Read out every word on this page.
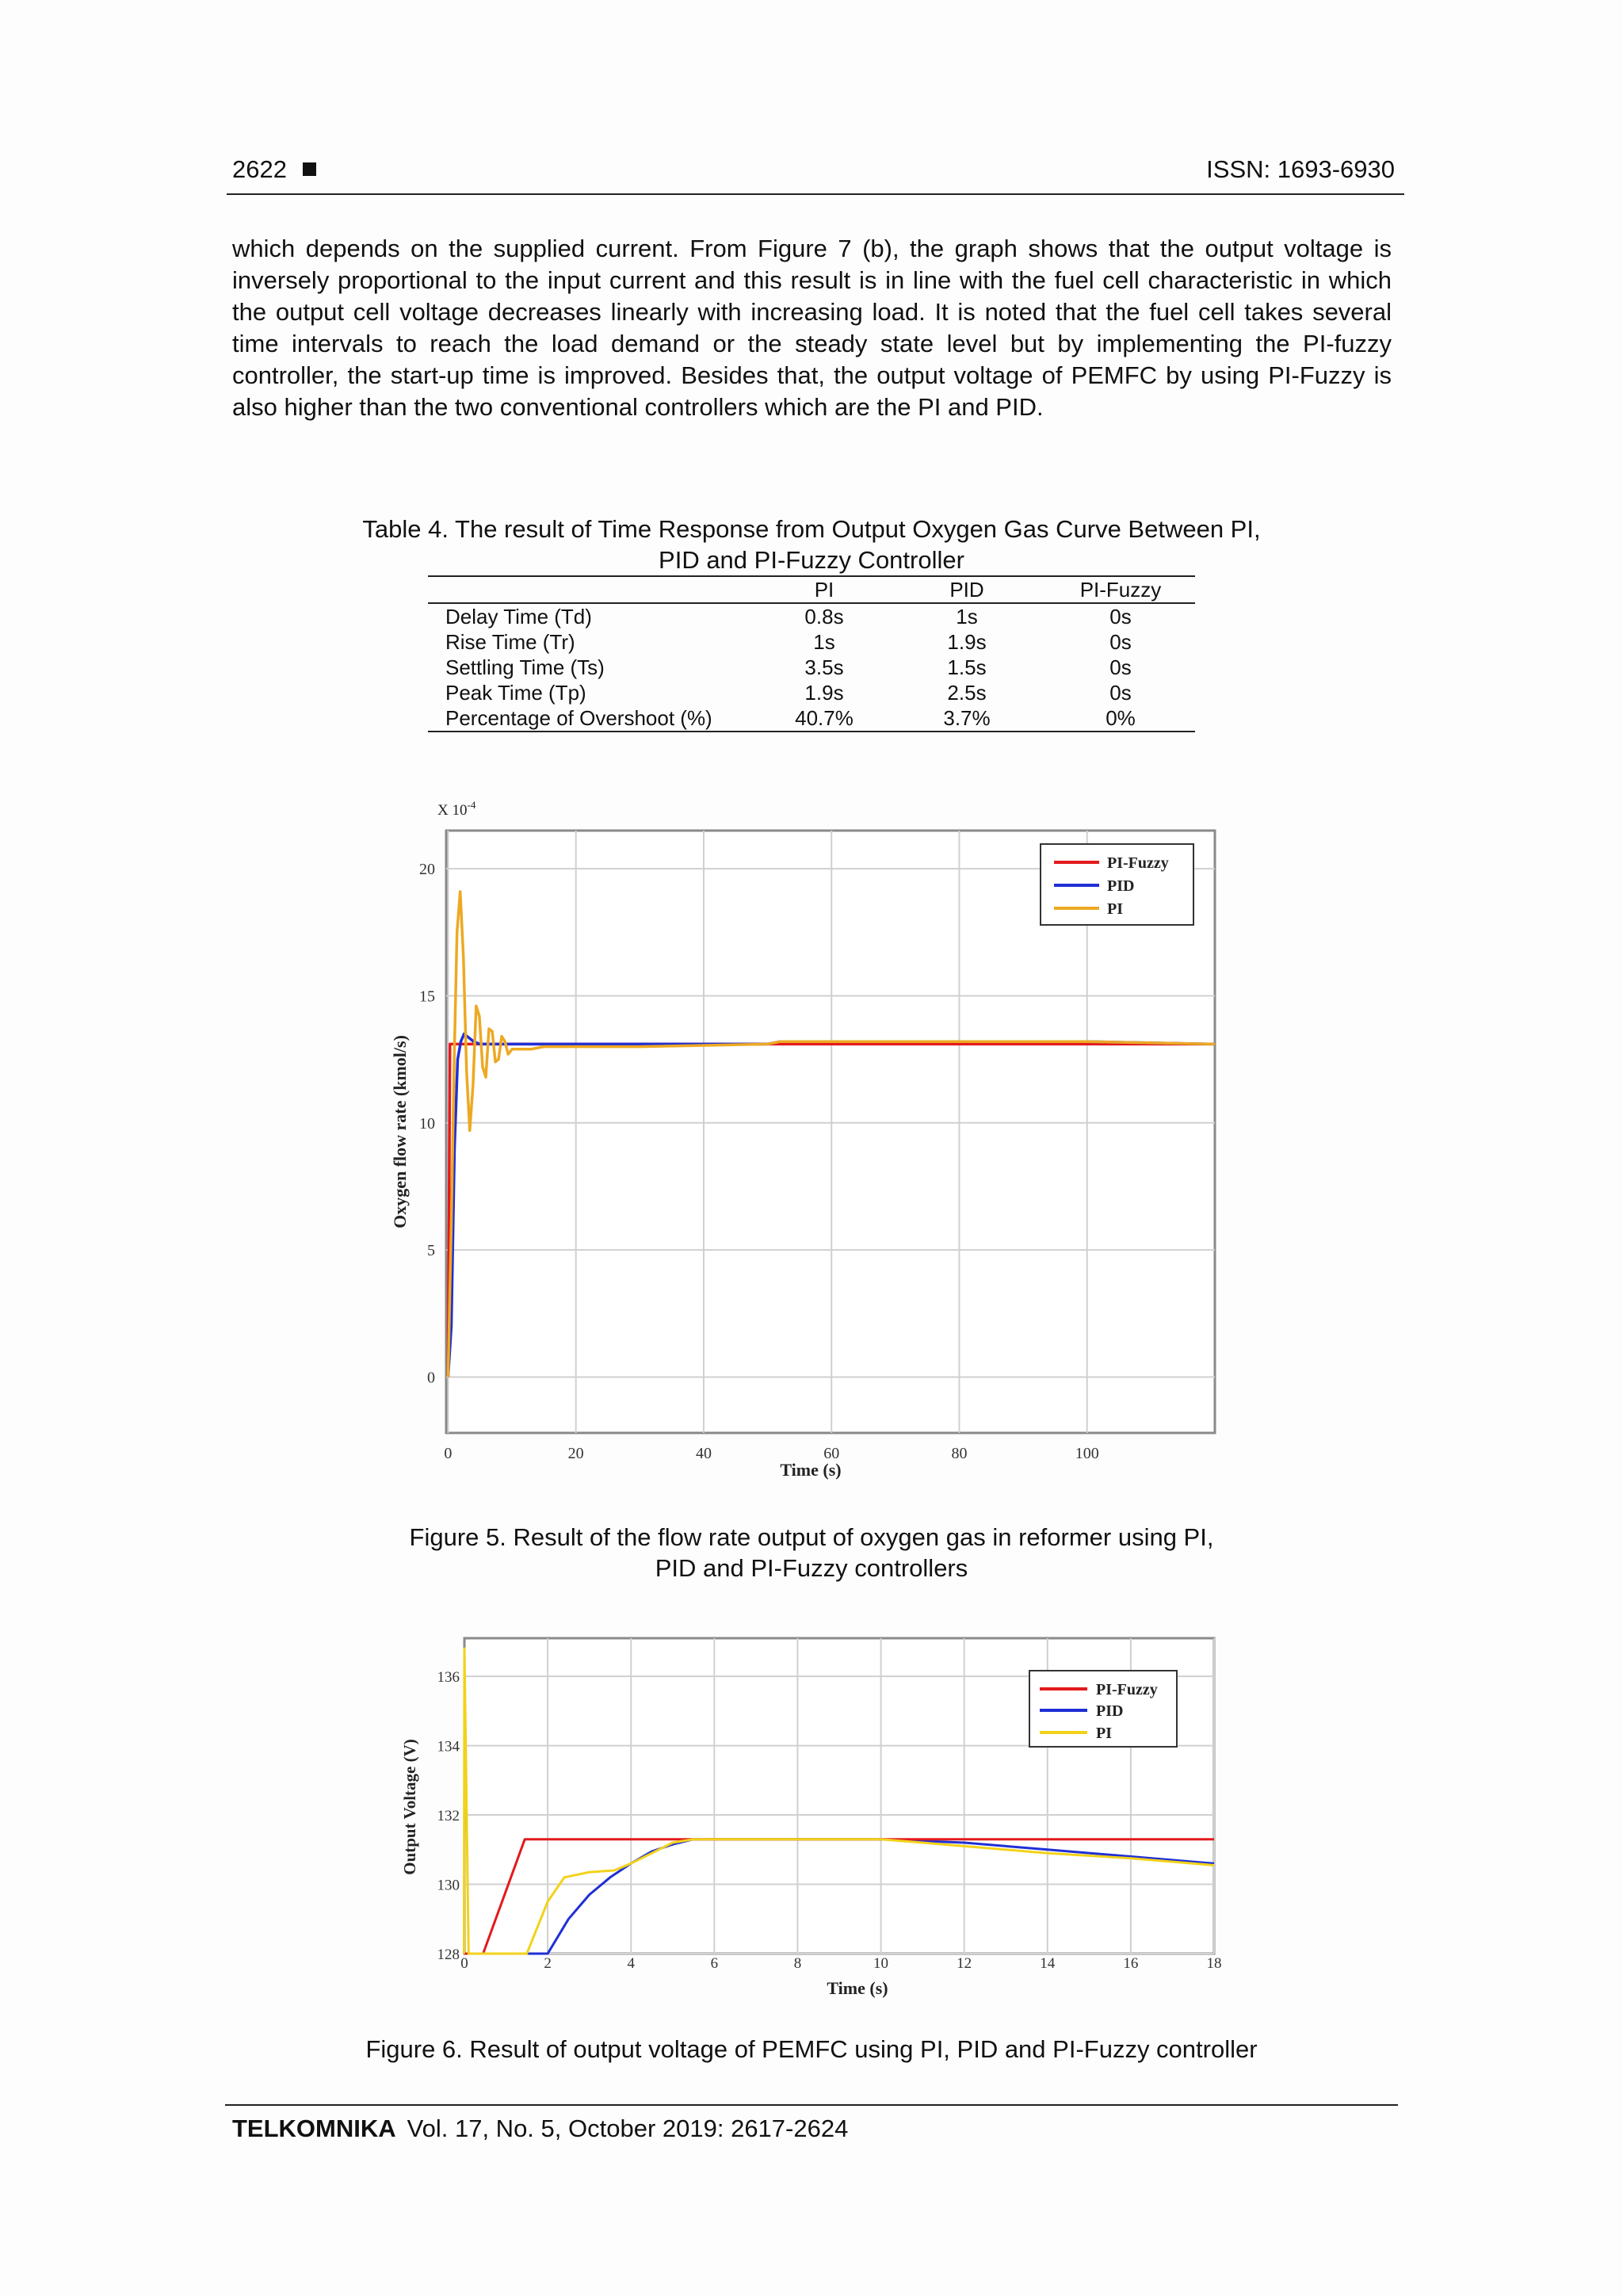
2622	ISSN: 1693-6930

which depends on the supplied current. From Figure 7 (b), the graph shows that the output voltage is inversely proportional to the input current and this result is in line with the fuel cell characteristic in which the output cell voltage decreases linearly with increasing load. It is noted that the fuel cell takes several time intervals to reach the load demand or the steady state level but by implementing the PI-fuzzy controller, the start-up time is improved. Besides that, the output voltage of PEMFC by using PI-Fuzzy is also higher than the two conventional controllers which are the PI and PID.

Table 4. The result of Time Response from Output Oxygen Gas Curve Between PI,
PID and PI-Fuzzy Controller
	PI	PID	PI-Fuzzy
Delay Time (Td)	0.8s	1s	0s
Rise Time (Tr)	1s	1.9s	0s
Settling Time (Ts)	3.5s	1.5s	0s
Peak Time (Tp)	1.9s	2.5s	0s
Percentage of Overshoot (%)	40.7%	3.7%	0%
0	20	40	60	80	100
0
5
10
15
20
X $10^{-4}$
Time (s)
Oxygen flow rate (kmol/s)
PI-Fuzzy
PID
PI
Figure 5. Result of the flow rate output of oxygen gas in reformer using PI,
PID and PI-Fuzzy controllers
0	2	4	6	8	10	12	14	16	18
128
130
132
134
136
Time (s)
Output Voltage (V)
PI-Fuzzy
PID
PI
Figure 6. Result of output voltage of PEMFC using PI, PID and PI-Fuzzy controller
TELKOMNIKA Vol. 17, No. 5, October 2019: 2617-2624
